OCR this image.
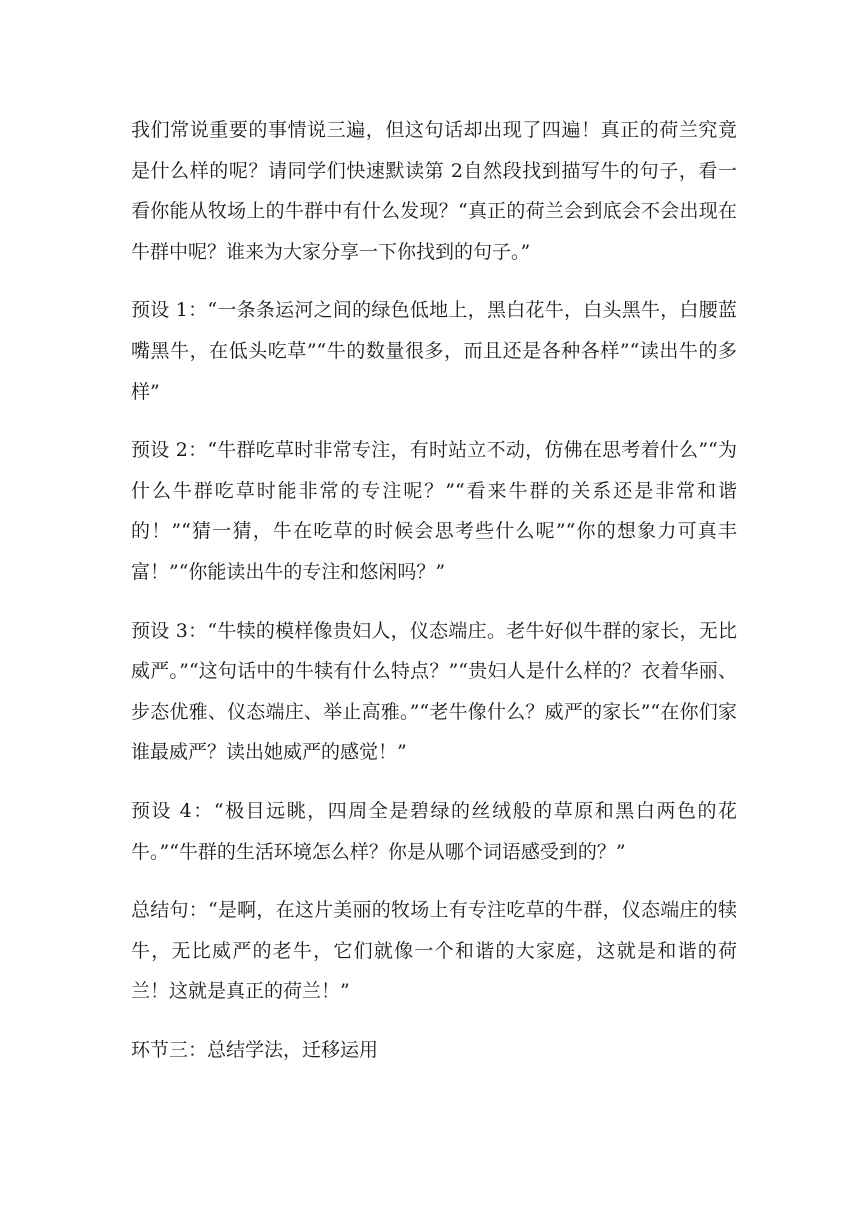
我们常说重要的事情说三遍，但这句话却出现了四遍！真正的荷兰究竟是什么样的呢？请同学们快速默读第 2自然段找到描写牛的句子，看一看你能从牧场上的牛群中有什么发现？“真正的荷兰会到底会不会出现在牛群中呢？谁来为大家分享一下你找到的句子。”

预设 1：“一条条运河之间的绿色低地上，黑白花牛，白头黑牛，白腰蓝嘴黑牛，在低头吃草”“牛的数量很多，而且还是各种各样”“读出牛的多样”

预设 2：“牛群吃草时非常专注，有时站立不动，仿佛在思考着什么”“为什么牛群吃草时能非常的专注呢？”“看来牛群的关系还是非常和谐的！”“猜一猜，牛在吃草的时候会思考些什么呢”“你的想象力可真丰富！”“你能读出牛的专注和悠闲吗？”

预设 3：“牛犊的模样像贵妇人，仪态端庄。老牛好似牛群的家长，无比威严。”“这句话中的牛犊有什么特点？”“贵妇人是什么样的？衣着华丽、步态优雅、仪态端庄、举止高雅。”“老牛像什么？威严的家长”“在你们家谁最威严？读出她威严的感觉！”

预设 4：“极目远眺，四周全是碧绿的丝绒般的草原和黑白两色的花牛。”“牛群的生活环境怎么样？你是从哪个词语感受到的？”

总结句：“是啊，在这片美丽的牧场上有专注吃草的牛群，仪态端庄的犊牛，无比威严的老牛，它们就像一个和谐的大家庭，这就是和谐的荷兰！这就是真正的荷兰！”

环节三：总结学法，迁移运用
